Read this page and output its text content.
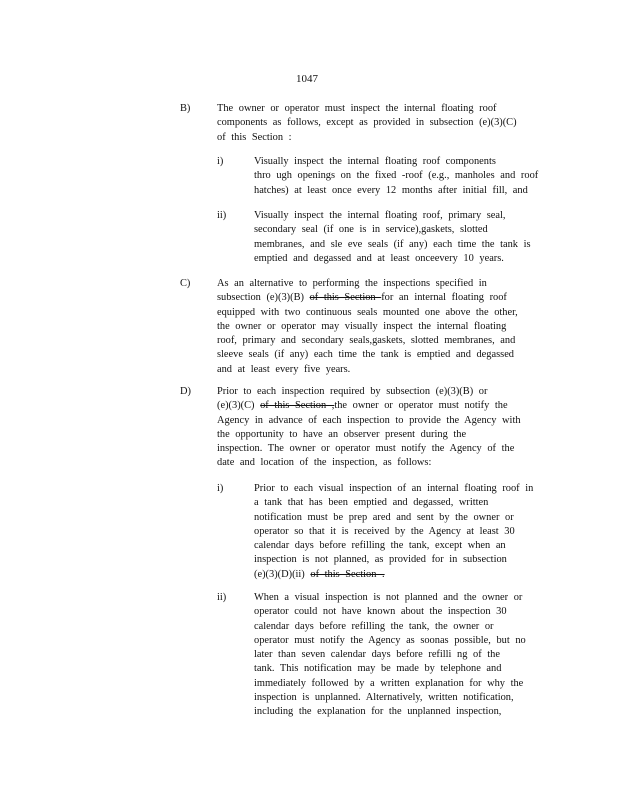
1047
B)	The owner or operator must inspect the internal floating roof
components as follows, except as provided in subsection (e)(3)(C)
of this Section :
i)	Visually inspect the internal floating roof components
thro ugh openings on the fixed -roof (e.g., manholes and roof
hatches) at least once every 12 months after initial fill, and
ii)	Visually inspect the internal floating roof, primary seal,
secondary seal (if one is in service),gaskets, slotted
membranes, and sle eve seals (if any) each time the tank is
emptied and degassed and at least onceevery 10 years.
C)	As an alternative to performing the inspections specified in
subsection (e)(3)(B) of this Section for an internal floating roof
equipped with two continuous seals mounted one above the other,
the owner or operator may visually inspect the internal floating
roof, primary and secondary seals,gaskets, slotted membranes, and
sleeve seals (if any) each time the tank is emptied and degassed
and at least every five years.
D)	Prior to each inspection required by subsection (e)(3)(B) or
(e)(3)(C) of this Section ,the owner or operator must notify the
Agency in advance of each inspection to provide the Agency with
the opportunity to have an observer present during the
inspection. The owner or operator must notify the Agency of the
date and location of the inspection, as follows:
i)	Prior to each visual inspection of an internal floating roof in
a tank that has been emptied and degassed, written
notification must be prep ared and sent by the owner or
operator so that it is received by the Agency at least 30
calendar days before refilling the tank, except when an
inspection is not planned, as provided for in subsection
(e)(3)(D)(ii) of this Section .
ii)	When a visual inspection is not planned and the owner or
operator could not have known about the inspection 30
calendar days before refilling the tank, the owner or
operator must notify the Agency as soonas possible, but no
later than seven calendar days before refilli ng of the
tank. This notification may be made by telephone and
immediately followed by a written explanation for why the
inspection is unplanned. Alternatively, written notification,
including the explanation for the unplanned inspection,
